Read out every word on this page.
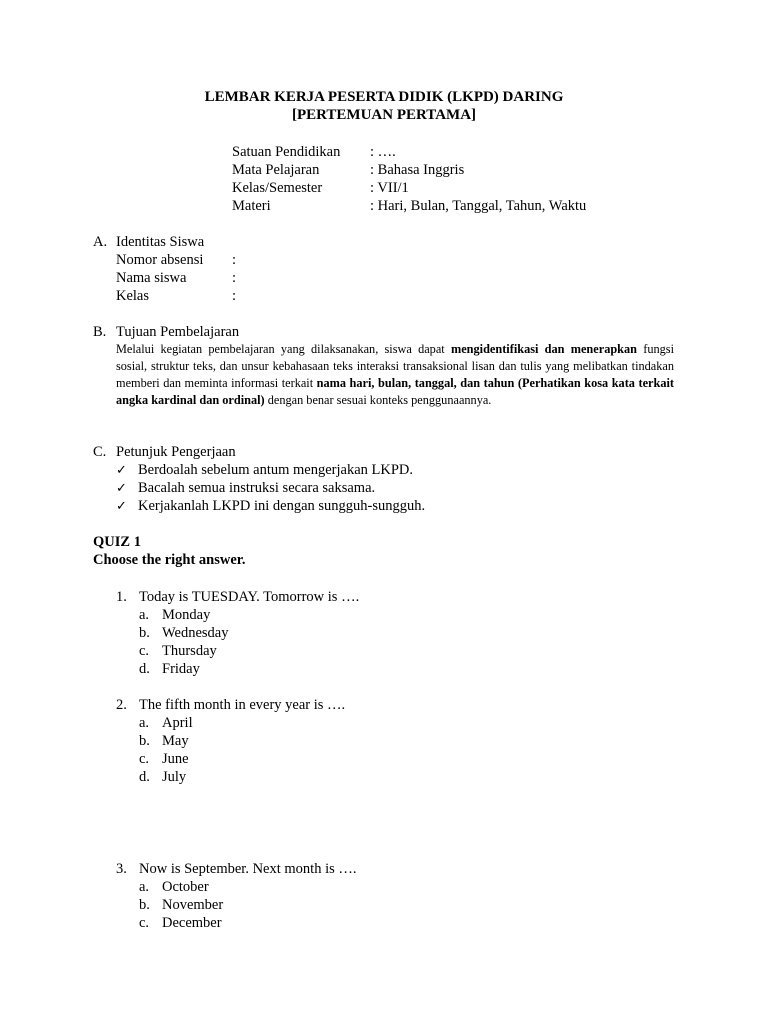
LEMBAR KERJA PESERTA DIDIK (LKPD) DARING
[PERTEMUAN PERTAMA]
Satuan Pendidikan : ….
Mata Pelajaran	: Bahasa Inggris
Kelas/Semester	: VII/1
Materi	: Hari, Bulan, Tanggal, Tahun, Waktu
A. Identitas Siswa
Nomor absensi :
Nama siswa	:
Kelas	:
B. Tujuan Pembelajaran
Melalui kegiatan pembelajaran yang dilaksanakan, siswa dapat mengidentifikasi dan menerapkan fungsi sosial, struktur teks, dan unsur kebahasaan teks interaksi transaksional lisan dan tulis yang melibatkan tindakan memberi dan meminta informasi terkait nama hari, bulan, tanggal, dan tahun (Perhatikan kosa kata terkait angka kardinal dan ordinal) dengan benar sesuai konteks penggunaannya.
C. Petunjuk Pengerjaan
✓ Berdoalah sebelum antum mengerjakan LKPD.
✓ Bacalah semua instruksi secara saksama.
✓ Kerjakanlah LKPD ini dengan sungguh-sungguh.
QUIZ 1
Choose the right answer.
1. Today is TUESDAY. Tomorrow is ….
a. Monday
b. Wednesday
c. Thursday
d. Friday
2. The fifth month in every year is ….
a. April
b. May
c. June
d. July
3. Now is September. Next month is ….
a. October
b. November
c. December
